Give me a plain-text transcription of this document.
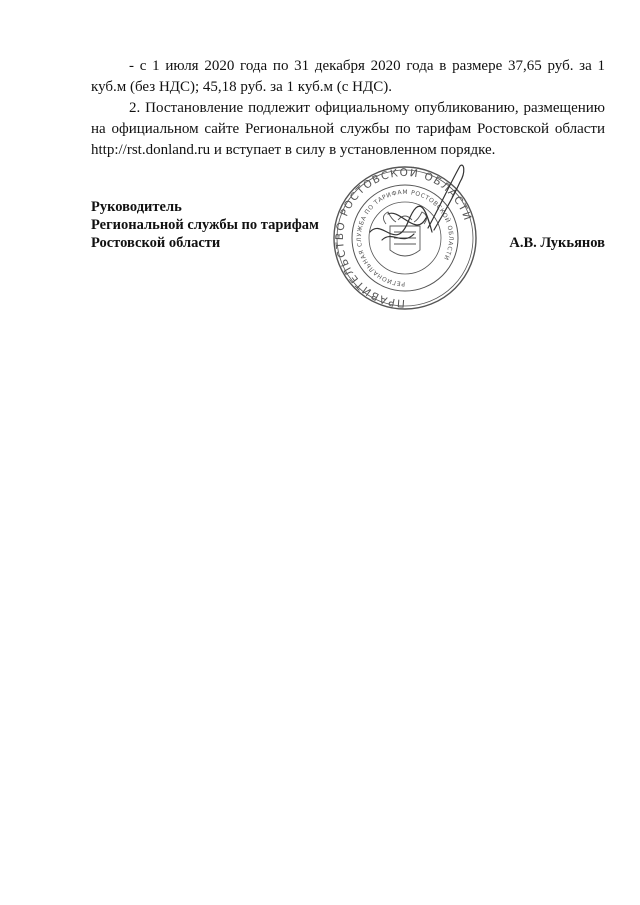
- с 1 июля 2020 года по 31 декабря 2020 года в размере 37,65 руб. за 1 куб.м (без НДС); 45,18 руб. за 1 куб.м (с НДС).

2. Постановление подлежит официальному опубликованию, размещению на официальном сайте Региональной службы по тарифам Ростовской области http://rst.donland.ru и вступает в силу в установленном порядке.

ПРАВИТЕЛЬСТВО РОСТОВСКОЙ ОБЛАСТИ
РЕГИОНАЛЬНАЯ СЛУЖБА ПО ТАРИФАМ РОСТОВСКОЙ ОБЛАСТИ
Руководитель
Региональной службы по тарифам
Ростовской области	А.В. Лукьянов
